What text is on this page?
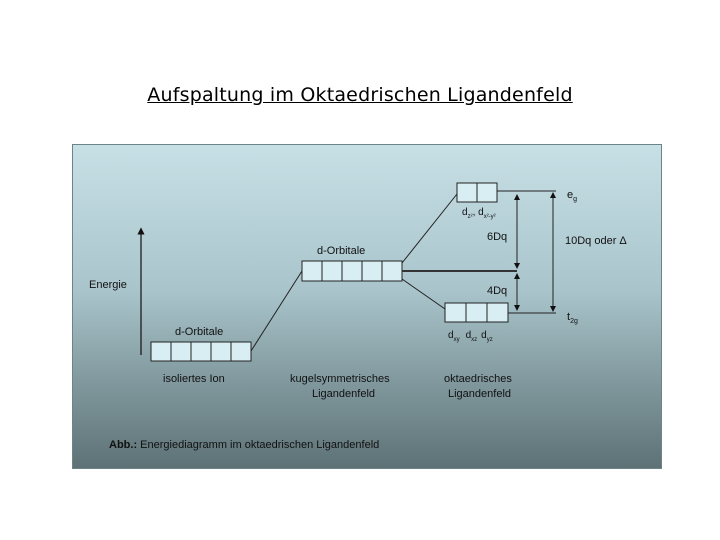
Aufspaltung im Oktaedrischen Ligandenfeld
Energie
d-Orbitale
isoliertes Ion
d-Orbitale
kugelsymmetrisches
Ligandenfeld
$e_g$
$d_{z^2}$, $d_{x^2-y^2}$
$t_{2g}$
$d_{xy}$ $d_{xz}$ $d_{yz}$
6Dq
4Dq
10Dq oder Δ
oktaedrisches
Ligandenfeld
Abb.: Energiediagramm im oktaedrischen Ligandenfeld
